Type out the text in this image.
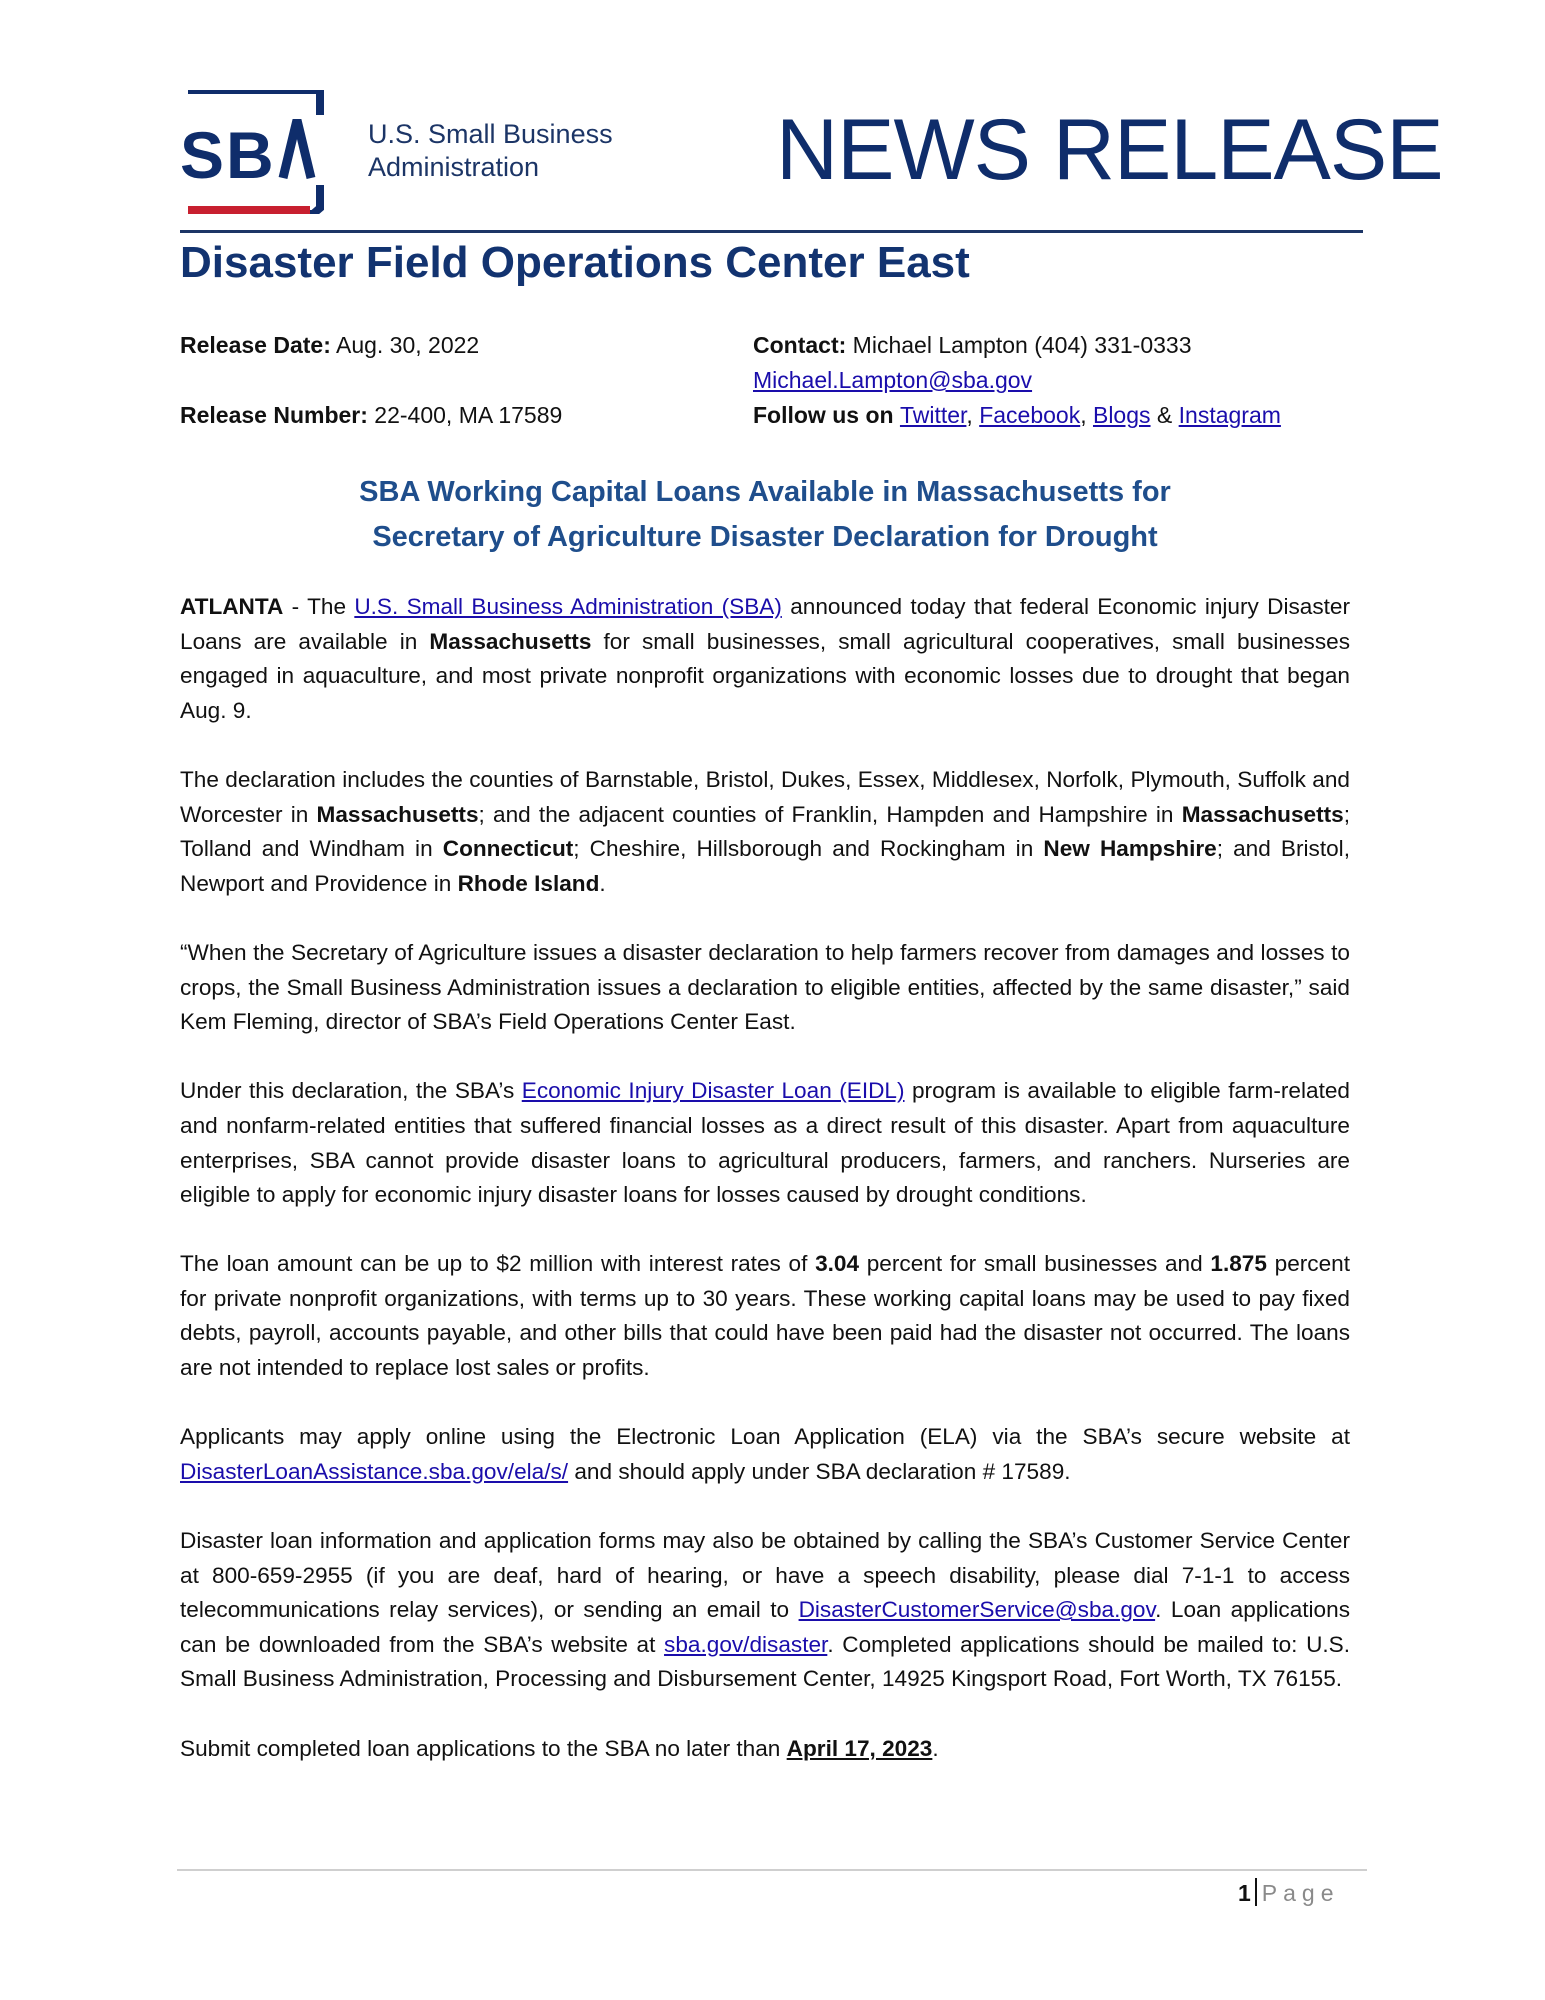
SB	U.S. Small Business
Administration	NEWS RELEASE
Disaster Field Operations Center East
Release Date: Aug. 30, 2022
Release Number: 22-400, MA 17589
Contact: Michael Lampton (404) 331-0333
Michael.Lampton@sba.gov
Follow us on Twitter, Facebook, Blogs & Instagram
SBA Working Capital Loans Available in Massachusetts for
Secretary of Agriculture Disaster Declaration for Drought

ATLANTA - The U.S. Small Business Administration (SBA) announced today that federal Economic injury Disaster Loans are available in Massachusetts for small businesses, small agricultural cooperatives, small businesses engaged in aquaculture, and most private nonprofit organizations with economic losses due to drought that began Aug. 9.

The declaration includes the counties of Barnstable, Bristol, Dukes, Essex, Middlesex, Norfolk, Plymouth, Suffolk and Worcester in Massachusetts; and the adjacent counties of Franklin, Hampden and Hampshire in Massachusetts; Tolland and Windham in Connecticut; Cheshire, Hillsborough and Rockingham in New Hampshire; and Bristol, Newport and Providence in Rhode Island.

“When the Secretary of Agriculture issues a disaster declaration to help farmers recover from damages and losses to crops, the Small Business Administration issues a declaration to eligible entities, affected by the same disaster,” said Kem Fleming, director of SBA’s Field Operations Center East.

Under this declaration, the SBA’s Economic Injury Disaster Loan (EIDL) program is available to eligible farm-related and nonfarm-related entities that suffered financial losses as a direct result of this disaster. Apart from aquaculture enterprises, SBA cannot provide disaster loans to agricultural producers, farmers, and ranchers. Nurseries are eligible to apply for economic injury disaster loans for losses caused by drought conditions.

The loan amount can be up to $2 million with interest rates of 3.04 percent for small businesses and 1.875 percent for private nonprofit organizations, with terms up to 30 years. These working capital loans may be used to pay fixed debts, payroll, accounts payable, and other bills that could have been paid had the disaster not occurred. The loans are not intended to replace lost sales or profits.

Applicants may apply online using the Electronic Loan Application (ELA) via the SBA’s secure website at DisasterLoanAssistance.sba.gov/ela/s/ and should apply under SBA declaration # 17589.

Disaster loan information and application forms may also be obtained by calling the SBA’s Customer Service Center at 800-659-2955 (if you are deaf, hard of hearing, or have a speech disability, please dial 7-1-1 to access telecommunications relay services), or sending an email to DisasterCustomerService@sba.gov. Loan applications can be downloaded from the SBA’s website at sba.gov/disaster. Completed applications should be mailed to: U.S. Small Business Administration, Processing and Disbursement Center, 14925 Kingsport Road, Fort Worth, TX 76155.

Submit completed loan applications to the SBA no later than April 17, 2023.

1 Page
